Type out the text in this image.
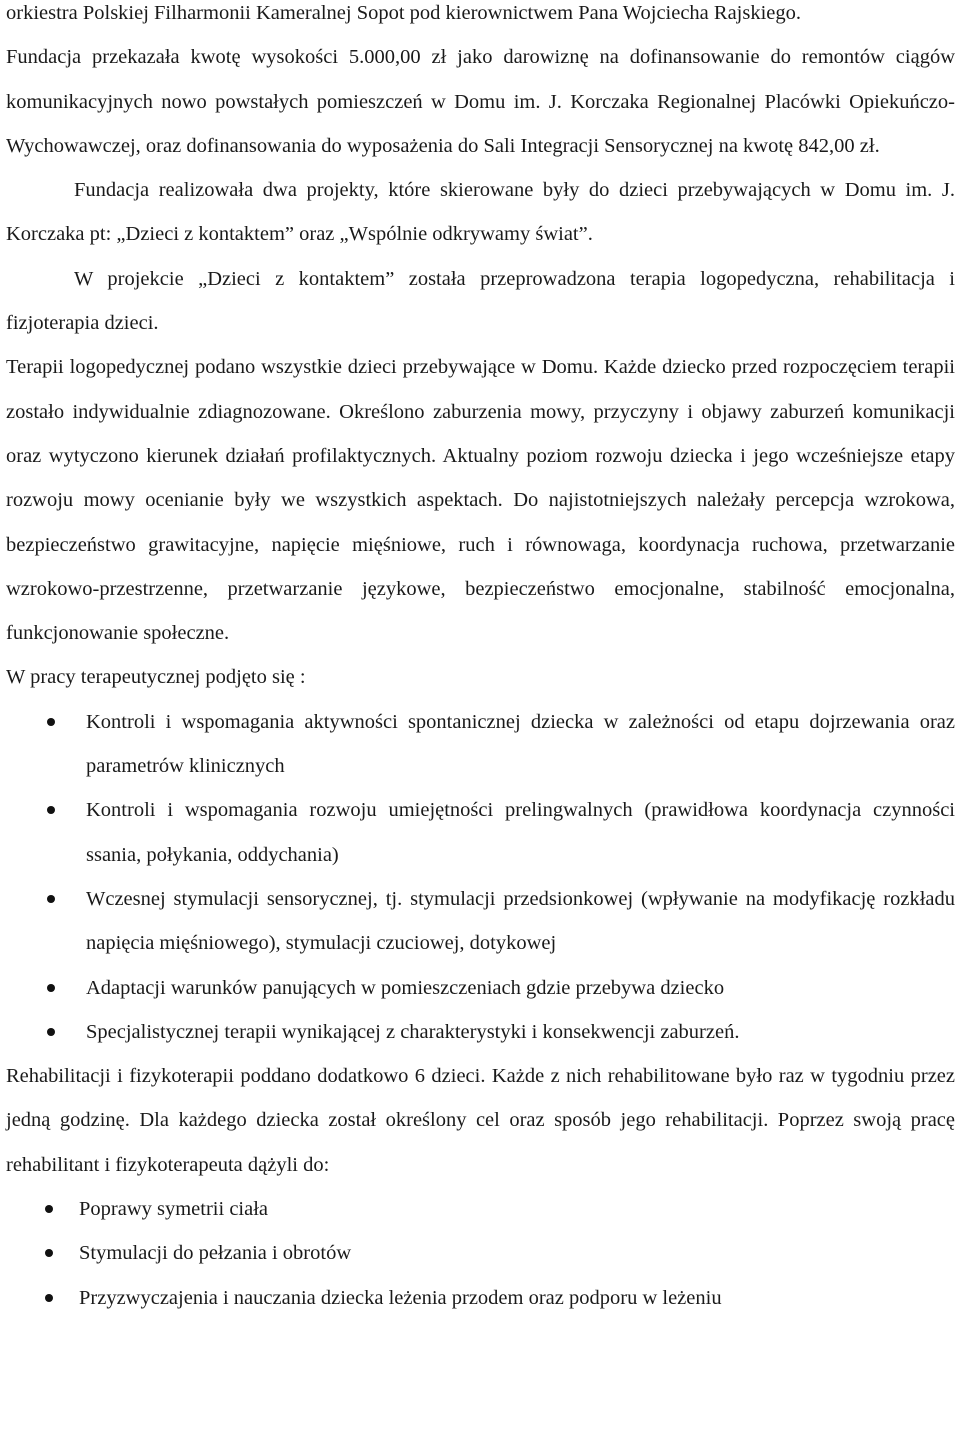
orkiestra Polskiej Filharmonii Kameralnej Sopot pod kierownictwem Pana Wojciecha Rajskiego.

Fundacja przekazała kwotę wysokości 5.000,00 zł jako darowiznę na dofinansowanie do remontów ciągów komunikacyjnych nowo powstałych pomieszczeń w Domu im. J. Korczaka Regionalnej Placówki Opiekuńczo-Wychowawczej, oraz dofinansowania do wyposażenia do Sali Integracji Sensorycznej na kwotę 842,00 zł.

Fundacja realizowała dwa projekty, które skierowane były do dzieci przebywających w Domu im. J. Korczaka pt: „Dzieci z kontaktem” oraz „Wspólnie odkrywamy świat”.

W projekcie „Dzieci z kontaktem” została przeprowadzona terapia logopedyczna, rehabilitacja i fizjoterapia dzieci.

Terapii logopedycznej podano wszystkie dzieci przebywające w Domu. Każde dziecko przed rozpoczęciem terapii zostało indywidualnie zdiagnozowane. Określono zaburzenia mowy, przyczyny i objawy zaburzeń komunikacji oraz wytyczono kierunek działań profilaktycznych. Aktualny poziom rozwoju dziecka i jego wcześniejsze etapy rozwoju mowy ocenianie były we wszystkich aspektach. Do najistotniejszych należały percepcja wzrokowa, bezpieczeństwo grawitacyjne, napięcie mięśniowe, ruch i równowaga, koordynacja ruchowa, przetwarzanie wzrokowo-przestrzenne, przetwarzanie językowe, bezpieczeństwo emocjonalne, stabilność emocjonalna, funkcjonowanie społeczne.

W pracy terapeutycznej podjęto się :

Kontroli i wspomagania aktywności spontanicznej dziecka w zależności od etapu dojrzewania oraz parametrów klinicznych
Kontroli i wspomagania rozwoju umiejętności prelingwalnych (prawidłowa koordynacja czynności ssania, połykania, oddychania)
Wczesnej stymulacji sensorycznej, tj. stymulacji przedsionkowej (wpływanie na modyfikację rozkładu napięcia mięśniowego), stymulacji czuciowej, dotykowej
Adaptacji warunków panujących w pomieszczeniach gdzie przebywa dziecko
Specjalistycznej terapii wynikającej z charakterystyki i konsekwencji zaburzeń.

Rehabilitacji i fizykoterapii poddano dodatkowo 6 dzieci. Każde z nich rehabilitowane było raz w tygodniu przez jedną godzinę. Dla każdego dziecka został określony cel oraz sposób jego rehabilitacji. Poprzez swoją pracę rehabilitant i fizykoterapeuta dążyli do:

Poprawy symetrii ciała
Stymulacji do pełzania i obrotów
Przyzwyczajenia i nauczania dziecka leżenia przodem oraz podporu w leżeniu
